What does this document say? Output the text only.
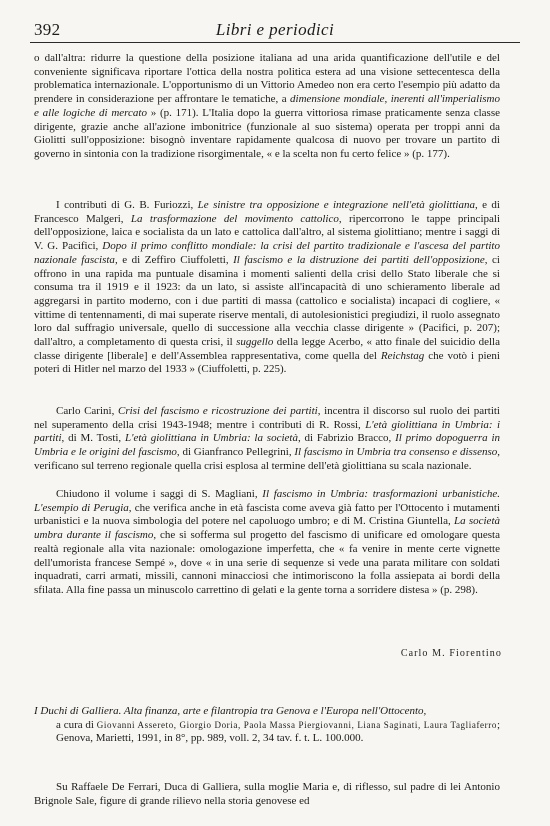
392	Libri e periodici

o dall'altra: ridurre la questione della posizione italiana ad una arida quantificazione dell'utile e del conveniente significava riportare l'ottica della nostra politica estera ad una visione settecentesca della problematica internazionale. L'opportunismo di un Vittorio Amedeo non era certo l'esempio più adatto da prendere in considerazione per affrontare le tematiche, a dimensione mondiale, inerenti all'imperialismo e alle logiche di mercato » (p. 171). L'Italia dopo la guerra vittoriosa rimase praticamente senza classe dirigente, grazie anche all'azione imbonitrice (funzionale al suo sistema) operata per troppi anni da Giolitti sull'opposizione: bisognò inventare rapidamente qualcosa di nuovo per trovare un partito di governo in sintonia con la tradizione risorgimentale, « e la scelta non fu certo felice » (p. 177).

I contributi di G. B. Furiozzi, Le sinistre tra opposizione e integrazione nell'età giolittiana, e di Francesco Malgeri, La trasformazione del movimento cattolico, ripercorrono le tappe principali dell'opposizione, laica e socialista da un lato e cattolica dall'altro, al sistema giolittiano; mentre i saggi di V. G. Pacifici, Dopo il primo conflitto mondiale: la crisi del partito tradizionale e l'ascesa del partito nazionale fascista, e di Zeffiro Ciuffoletti, Il fascismo e la distruzione dei partiti dell'opposizione, ci offrono in una rapida ma puntuale disamina i momenti salienti della crisi dello Stato liberale che si consuma tra il 1919 e il 1923: da un lato, si assiste all'incapacità di uno schieramento liberale ad aggregarsi in partito moderno, con i due partiti di massa (cattolico e socialista) incapaci di cogliere, « vittime di tentennamenti, di mai superate riserve mentali, di autolesionistici pregiudizi, il ruolo assegnato loro dal suffragio universale, quello di successione alla vecchia classe dirigente » (Pacifici, p. 207); dall'altro, a completamento di questa crisi, il suggello della legge Acerbo, « atto finale del suicidio della classe dirigente [liberale] e dell'Assemblea rappresentativa, come quella del Reichstag che votò i pieni poteri di Hitler nel marzo del 1933 » (Ciuffoletti, p. 225).

Carlo Carini, Crisi del fascismo e ricostruzione dei partiti, incentra il discorso sul ruolo dei partiti nel superamento della crisi 1943-1948; mentre i contributi di R. Rossi, L'età giolittiana in Umbria: i partiti, di M. Tosti, L'età giolittiana in Umbria: la società, di Fabrizio Bracco, Il primo dopoguerra in Umbria e le origini del fascismo, di Gianfranco Pellegrini, Il fascismo in Umbria tra consenso e dissenso, verificano sul terreno regionale quella crisi esplosa al termine dell'età giolittiana su scala nazionale.

Chiudono il volume i saggi di S. Magliani, Il fascismo in Umbria: trasformazioni urbanistiche. L'esempio di Perugia, che verifica anche in età fascista come aveva già fatto per l'Ottocento i mutamenti urbanistici e la nuova simbologia del potere nel capoluogo umbro; e di M. Cristina Giuntella, La società umbra durante il fascismo, che si sofferma sul progetto del fascismo di unificare ed omologare questa realtà regionale alla vita nazionale: omologazione imperfetta, che « fa venire in mente certe vignette dell'umorista francese Sempé », dove « in una serie di sequenze si vede una parata militare con soldati inquadrati, carri armati, missili, cannoni minacciosi che intimoriscono la folla assiepata ai bordi della sfilata. Alla fine passa un minuscolo carrettino di gelati e la gente torna a sorridere distesa » (p. 298).

Carlo M. Fiorentino

I Duchi di Galliera. Alta finanza, arte e filantropia tra Genova e l'Europa nell'Ottocento,

a cura di Giovanni Assereto, Giorgio Doria, Paola Massa Piergiovanni, Liana Saginati, Laura Tagliaferro; Genova, Marietti, 1991, in 8°, pp. 989, voll. 2, 34 tav. f. t. L. 100.000.

Su Raffaele De Ferrari, Duca di Galliera, sulla moglie Maria e, di riflesso, sul padre di lei Antonio Brignole Sale, figure di grande rilievo nella storia genovese ed
